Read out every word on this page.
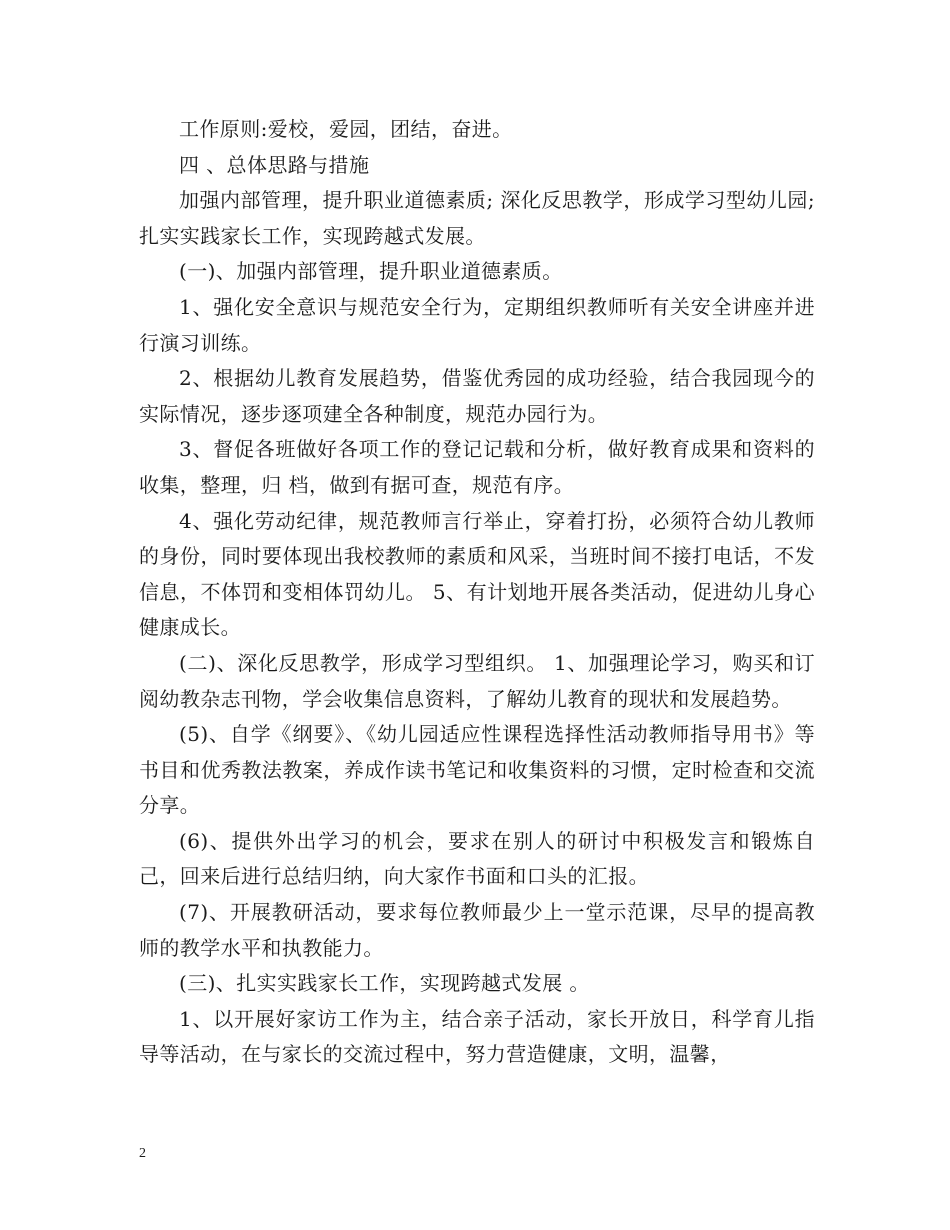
工作原则:爱校，爱园，团结，奋进。

四 、总体思路与措施

加强内部管理，提升职业道德素质; 深化反思教学，形成学习型幼儿园; 扎实实践家长工作，实现跨越式发展。

(一)、加强内部管理，提升职业道德素质。

1、强化安全意识与规范安全行为，定期组织教师听有关安全讲座并进行演习训练。

2、根据幼儿教育发展趋势，借鉴优秀园的成功经验，结合我园现今的实际情况，逐步逐项建全各种制度，规范办园行为。

3、督促各班做好各项工作的登记记载和分析，做好教育成果和资料的收集，整理，归 档，做到有据可查，规范有序。

4、强化劳动纪律，规范教师言行举止，穿着打扮，必须符合幼儿教师的身份，同时要体现出我校教师的素质和风采，当班时间不接打电话，不发信息，不体罚和变相体罚幼儿。 5、有计划地开展各类活动，促进幼儿身心健康成长。

(二)、深化反思教学，形成学习型组织。 1、加强理论学习，购买和订阅幼教杂志刊物，学会收集信息资料，了解幼儿教育的现状和发展趋势。

(5)、自学《纲要》、《幼儿园适应性课程选择性活动教师指导用书》等书目和优秀教法教案，养成作读书笔记和收集资料的习惯，定时检查和交流分享。

(6)、提供外出学习的机会，要求在别人的研讨中积极发言和锻炼自己，回来后进行总结归纳，向大家作书面和口头的汇报。

(7)、开展教研活动，要求每位教师最少上一堂示范课，尽早的提高教师的教学水平和执教能力。

(三)、扎实实践家长工作，实现跨越式发展 。

1、以开展好家访工作为主，结合亲子活动，家长开放日，科学育儿指导等活动，在与家长的交流过程中，努力营造健康，文明，温馨，

2
